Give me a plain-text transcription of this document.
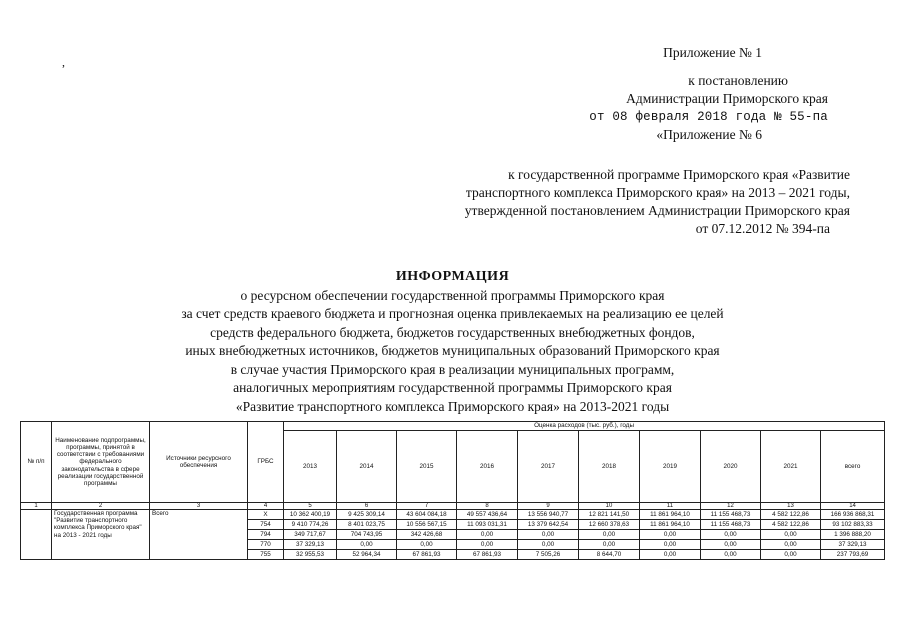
,
Приложение № 1
к постановлению
Администрации Приморского края
от 08 февраля 2018 года № 55-па
«Приложение № 6
к государственной программе Приморского края «Развитие
транспортного комплекса Приморского края» на 2013 – 2021 годы,
утвержденной постановлением Администрации Приморского края
от 07.12.2012 № 394-па
ИНФОРМАЦИЯ
о ресурсном обеспечении государственной программы Приморского края
за счет средств краевого бюджета и прогнозная оценка привлекаемых на реализацию ее целей
средств федерального бюджета, бюджетов государственных внебюджетных фондов,
иных внебюджетных источников, бюджетов муниципальных образований Приморского края
в случае участия Приморского края в реализации муниципальных программ,
аналогичных мероприятиям государственной программы Приморского края
«Развитие транспортного комплекса Приморского края» на 2013-2021 годы
№ п/п	Наименование подпрограммы, программы, принятой в соответствии с требованиями федерального законодательства в сфере реализации государственной программы	Источники ресурсного обеспечения	ГРБС	Оценка расходов (тыс. руб.), годы									
				2013	2014	2015	2016	2017	2018	2019	2020	2021	всего
1	2	3	4	5	6	7	8	9	10	11	12	13	14
	Государственная программа "Развитие транспортного комплекса Приморского края" на 2013 - 2021 годы	Всего	Х	10 362 400,19	9 425 309,14	43 604 084,18	49 557 436,64	13 556 940,77	12 821 141,50	11 861 964,10	11 155 468,73	4 582 122,86	166 936 868,31
			754	9 410 774,26	8 401 023,75	10 556 567,15	11 093 031,31	13 379 642,54	12 660 378,63	11 861 964,10	11 155 468,73	4 582 122,86	93 102 883,33
			794	349 717,67	704 743,95	342 426,68	0,00	0,00	0,00	0,00	0,00	0,00	1 396 888,20
			770	37 329,13	0,00	0,00	0,00	0,00	0,00	0,00	0,00	0,00	37 329,13
			755	32 955,53	52 964,34	67 861,93	67 861,93	7 505,26	8 644,70	0,00	0,00	0,00	237 793,69
